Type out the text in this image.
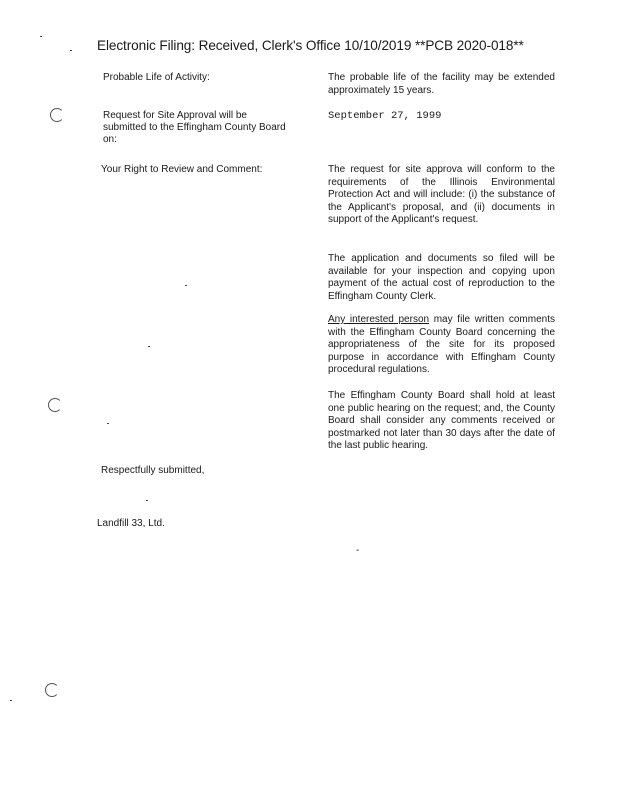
Electronic Filing: Received, Clerk's Office 10/10/2019 **PCB 2020-018**
Probable Life of Activity:	The probable life of the facility may be extended approximately 15 years.
Request for Site Approval will be submitted to the Effingham County Board on:
September 27, 1999
Your Right to Review and Comment:	The request for site approva will conform to the requirements of the Illinois Environmental Protection Act and will include: (i) the substance of the Applicant's proposal, and (ii) documents in support of the Applicant's request.
The application and documents so filed will be available for your inspection and copying upon payment of the actual cost of reproduction to the Effingham County Clerk.
Any interested person may file written comments with the Effingham County Board concerning the appropriateness of the site for its proposed purpose in accordance with Effingham County procedural regulations.
The Effingham County Board shall hold at least one public hearing on the request; and, the County Board shall consider any comments received or postmarked not later than 30 days after the date of the last public hearing.
Respectfully submitted,
Landfill 33, Ltd.
-
